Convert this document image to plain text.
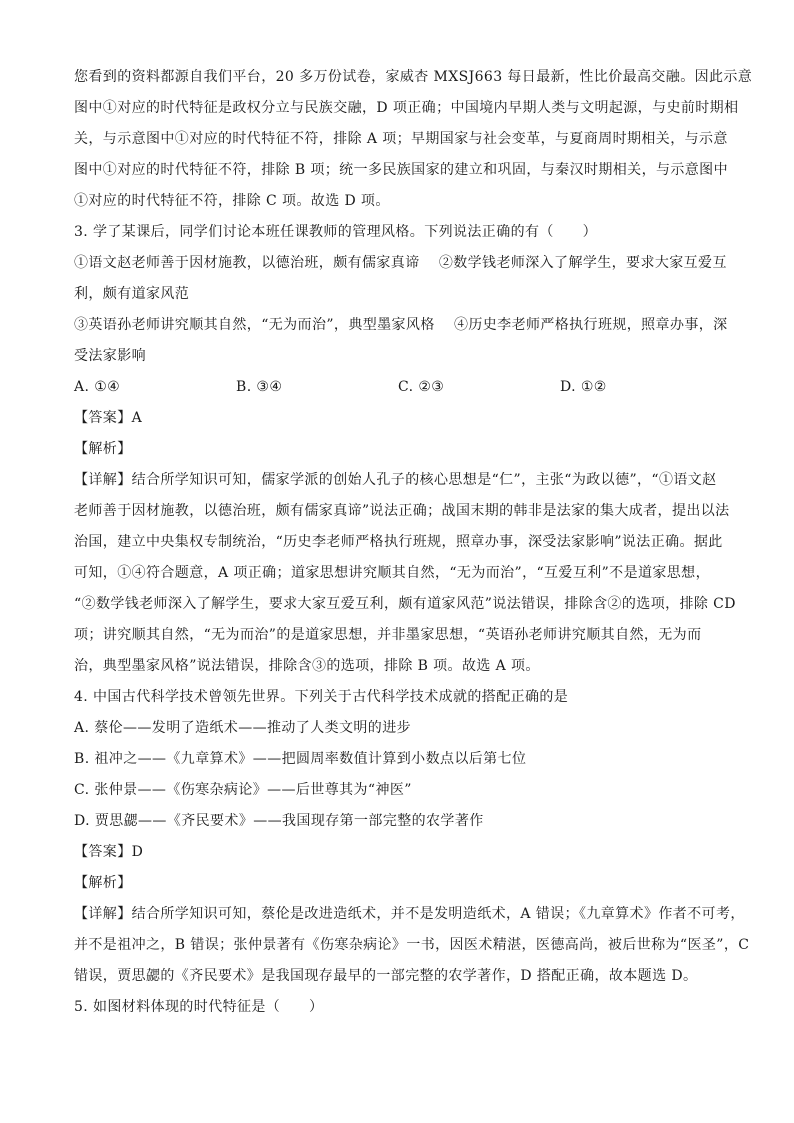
您看到的资料都源自我们平台，20 多万份试卷，家威杏 MXSJ663 每日最新，性比价最高交融。因此示意
图中①对应的时代特征是政权分立与民族交融，D 项正确；中国境内早期人类与文明起源，与史前时期相
关，与示意图中①对应的时代特征不符，排除 A 项；早期国家与社会变革，与夏商周时期相关，与示意
图中①对应的时代特征不符，排除 B 项；统一多民族国家的建立和巩固，与秦汉时期相关，与示意图中
①对应的时代特征不符，排除 C 项。故选 D 项。
3. 学了某课后，同学们讨论本班任课教师的管理风格。下列说法正确的有（　　）
①语文赵老师善于因材施教，以德治班，颇有儒家真谛　 ②数学钱老师深入了解学生，要求大家互爱互
利，颇有道家风范
③英语孙老师讲究顺其自然，“无为而治”，典型墨家风格　 ④历史李老师严格执行班规，照章办事，深
受法家影响
A. ①④	B. ③④	C. ②③	D. ①②
【答案】A
【解析】
【详解】结合所学知识可知，儒家学派的创始人孔子的核心思想是“仁”，主张“为政以德”，“①语文赵
老师善于因材施教，以德治班，颇有儒家真谛”说法正确；战国末期的韩非是法家的集大成者，提出以法
治国，建立中央集权专制统治，“历史李老师严格执行班规，照章办事，深受法家影响”说法正确。据此
可知，①④符合题意，A 项正确；道家思想讲究顺其自然，“无为而治”，“互爱互利”不是道家思想，
“②数学钱老师深入了解学生，要求大家互爱互利，颇有道家风范”说法错误，排除含②的选项，排除 CD
项；讲究顺其自然，“无为而治”的是道家思想，并非墨家思想，“英语孙老师讲究顺其自然，无为而
治，典型墨家风格”说法错误，排除含③的选项，排除 B 项。故选 A 项。
4. 中国古代科学技术曾领先世界。下列关于古代科学技术成就的搭配正确的是
A. 蔡伦——发明了造纸术——推动了人类文明的进步
B. 祖冲之——《九章算术》——把圆周率数值计算到小数点以后第七位
C. 张仲景——《伤寒杂病论》——后世尊其为“神医”
D. 贾思勰——《齐民要术》——我国现存第一部完整的农学著作
【答案】D
【解析】
【详解】结合所学知识可知，蔡伦是改进造纸术，并不是发明造纸术，A 错误；《九章算术》作者不可考，
并不是祖冲之，B 错误；张仲景著有《伤寒杂病论》一书，因医术精湛，医德高尚，被后世称为“医圣”，C
错误，贾思勰的《齐民要术》是我国现存最早的一部完整的农学著作，D 搭配正确，故本题选 D。
5. 如图材料体现的时代特征是（　　）
